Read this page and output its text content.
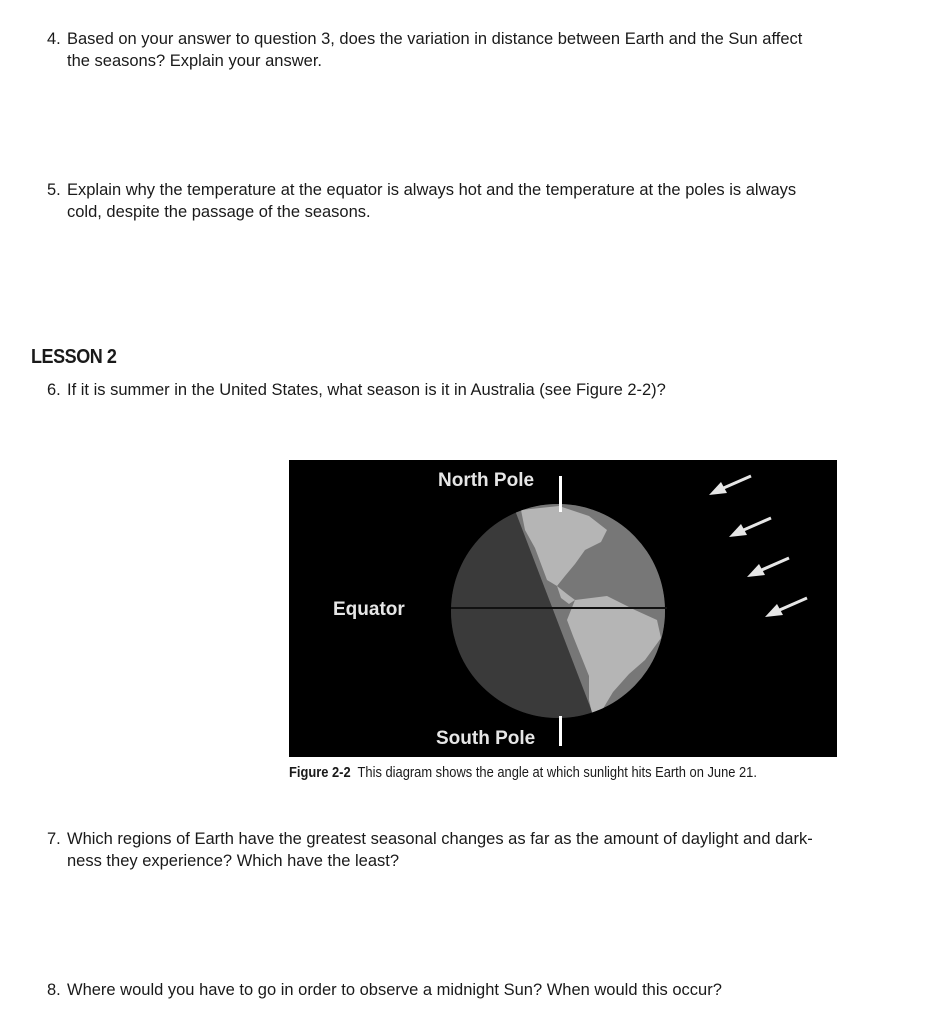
4. Based on your answer to question 3, does the variation in distance between Earth and the Sun affect
the seasons? Explain your answer.
5. Explain why the temperature at the equator is always hot and the temperature at the poles is always
cold, despite the passage of the seasons.
LESSON 2
6. If it is summer in the United States, what season is it in Australia (see Figure 2-2)?
North Pole
Equator
South Pole
Figure 2-2 This diagram shows the angle at which sunlight hits Earth on June 21.
7. Which regions of Earth have the greatest seasonal changes as far as the amount of daylight and dark-
ness they experience? Which have the least?
8. Where would you have to go in order to observe a midnight Sun? When would this occur?
